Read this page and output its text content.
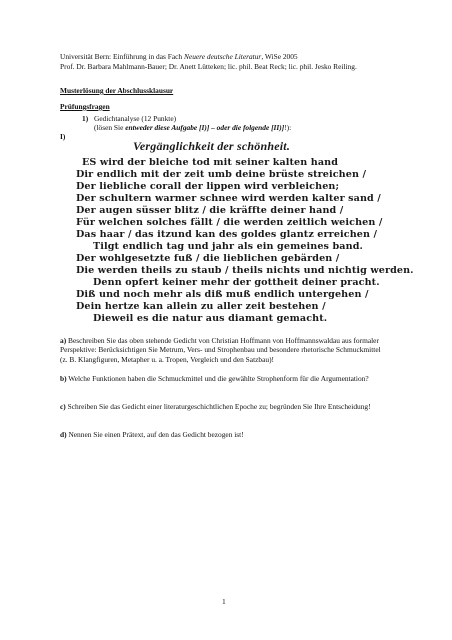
Universität Bern: Einführung in das Fach Neuere deutsche Literatur, WiSe 2005
Prof. Dr. Barbara Mahlmann-Bauer; Dr. Anett Lütteken; lic. phil. Beat Reck; lic. phil. Jesko Reiling.
Musterlösung der Abschlussklausur
Prüfungsfragen
1) Gedichtanalyse (12 Punkte)
(lösen Sie entweder diese Aufgabe [I)] – oder die folgende [II)]!):
I)
Vergänglichkeit der schönheit.
ES wird der bleiche tod mit seiner kalten hand
Dir endlich mit der zeit umb deine brüste streichen /
Der liebliche corall der lippen wird verbleichen;
Der schultern warmer schnee wird werden kalter sand /
Der augen süsser blitz / die kräffte deiner hand /
Für welchen solches fällt / die werden zeitlich weichen /
Das haar / das itzund kan des goldes glantz erreichen /
Tilgt endlich tag und jahr als ein gemeines band.
Der wohlgesetzte fuß / die lieblichen gebärden /
Die werden theils zu staub / theils nichts und nichtig werden.
Denn opfert keiner mehr der gottheit deiner pracht.
Diß und noch mehr als diß muß endlich untergehen /
Dein hertze kan allein zu aller zeit bestehen /
Dieweil es die natur aus diamant gemacht.
a) Beschreiben Sie das oben stehende Gedicht von Christian Hoffmann von Hoffmannswaldau aus formaler Perspektive: Berücksichtigen Sie Metrum, Vers- und Strophenbau und besondere rhetorische Schmuckmittel (z. B. Klangfiguren, Metapher u. a. Tropen, Vergleich und den Satzbau)!
b) Welche Funktionen haben die Schmuckmittel und die gewählte Strophenform für die Argumentation?
c) Schreiben Sie das Gedicht einer literaturgeschichtlichen Epoche zu; begründen Sie Ihre Entscheidung!
d) Nennen Sie einen Prätext, auf den das Gedicht bezogen ist!
1
